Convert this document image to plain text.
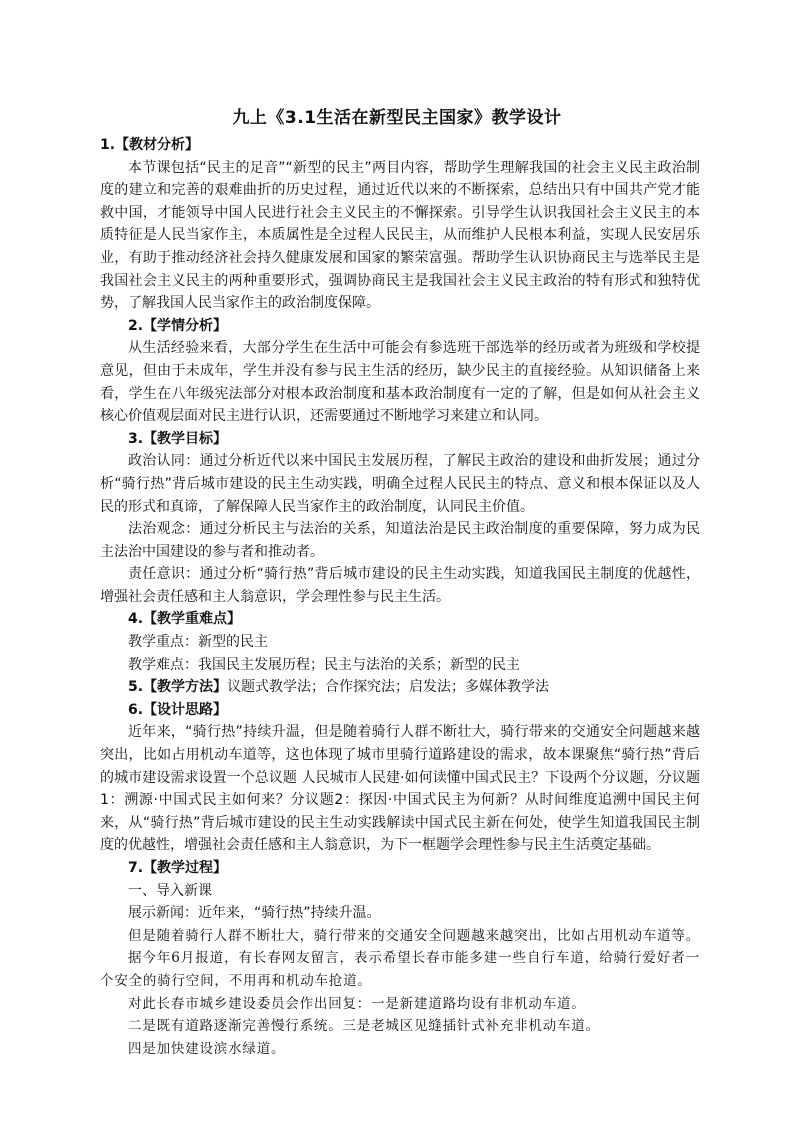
九上《3.1生活在新型民主国家》教学设计

1.【教材分析】

本节课包括“民主的足音”“新型的民主”两目内容，帮助学生理解我国的社会主义民主政治制度的建立和完善的艰难曲折的历史过程，通过近代以来的不断探索，总结出只有中国共产党才能救中国，才能领导中国人民进行社会主义民主的不懈探索。引导学生认识我国社会主义民主的本质特征是人民当家作主，本质属性是全过程人民民主，从而维护人民根本利益，实现人民安居乐业，有助于推动经济社会持久健康发展和国家的繁荣富强。帮助学生认识协商民主与选举民主是我国社会主义民主的两种重要形式，强调协商民主是我国社会主义民主政治的特有形式和独特优势，了解我国人民当家作主的政治制度保障。

2.【学情分析】

从生活经验来看，大部分学生在生活中可能会有参选班干部选举的经历或者为班级和学校提意见，但由于未成年，学生并没有参与民主生活的经历，缺少民主的直接经验。从知识储备上来看，学生在八年级宪法部分对根本政治制度和基本政治制度有一定的了解，但是如何从社会主义核心价值观层面对民主进行认识，还需要通过不断地学习来建立和认同。

3.【教学目标】

政治认同：通过分析近代以来中国民主发展历程，了解民主政治的建设和曲折发展；通过分析“骑行热”背后城市建设的民主生动实践，明确全过程人民民主的特点、意义和根本保证以及人民的形式和真谛，了解保障人民当家作主的政治制度，认同民主价值。

法治观念：通过分析民主与法治的关系，知道法治是民主政治制度的重要保障，努力成为民主法治中国建设的参与者和推动者。

责任意识：通过分析“骑行热”背后城市建设的民主生动实践，知道我国民主制度的优越性，增强社会责任感和主人翁意识，学会理性参与民主生活。

4.【教学重难点】

教学重点：新型的民主

教学难点：我国民主发展历程；民主与法治的关系；新型的民主

5.【教学方法】议题式教学法；合作探究法；启发法；多媒体教学法

6.【设计思路】

近年来，“骑行热”持续升温，但是随着骑行人群不断壮大，骑行带来的交通安全问题越来越突出，比如占用机动车道等，这也体现了城市里骑行道路建设的需求，故本课聚焦“骑行热”背后的城市建设需求设置一个总议题 人民城市人民建·如何读懂中国式民主？下设两个分议题，分议题1：溯源·中国式民主如何来？分议题2：探因·中国式民主为何新？从时间维度追溯中国民主何来，从“骑行热”背后城市建设的民主生动实践解读中国式民主新在何处，使学生知道我国民主制度的优越性，增强社会责任感和主人翁意识，为下一框题学会理性参与民主生活奠定基础。

7.【教学过程】

一、导入新课

展示新闻：近年来，“骑行热”持续升温。

但是随着骑行人群不断壮大，骑行带来的交通安全问题越来越突出，比如占用机动车道等。

据今年6月报道，有长春网友留言，表示希望长春市能多建一些自行车道，给骑行爱好者一个安全的骑行空间，不用再和机动车抢道。

对此长春市城乡建设委员会作出回复：一是新建道路均设有非机动车道。

二是既有道路逐渐完善慢行系统。三是老城区见缝插针式补充非机动车道。

四是加快建设滨水绿道。
